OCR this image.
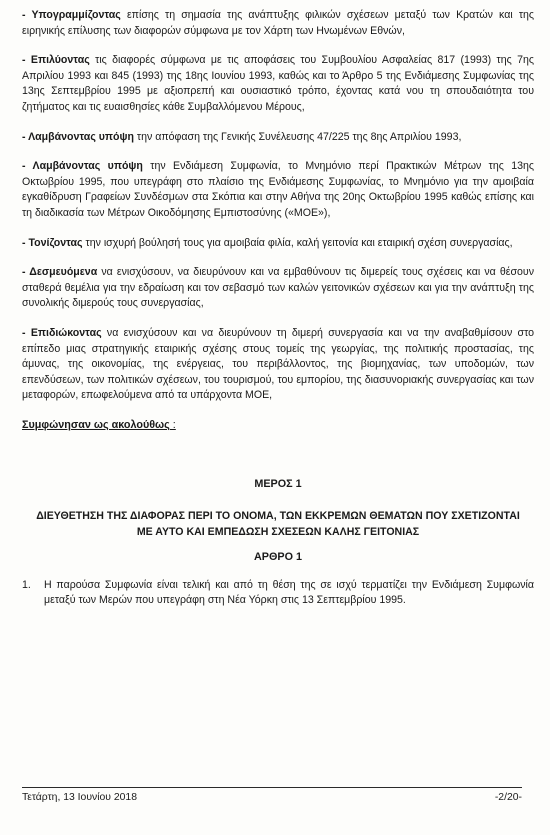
- Υπογραμμίζοντας επίσης τη σημασία της ανάπτυξης φιλικών σχέσεων μεταξύ των Κρατών και της ειρηνικής επίλυσης των διαφορών σύμφωνα με τον Χάρτη των Ηνωμένων Εθνών,

- Επιλύοντας τις διαφορές σύμφωνα με τις αποφάσεις του Συμβουλίου Ασφαλείας 817 (1993) της 7ης Απριλίου 1993 και 845 (1993) της 18ης Ιουνίου 1993, καθώς και το Άρθρο 5 της Ενδιάμεσης Συμφωνίας της 13ης Σεπτεμβρίου 1995 με αξιοπρεπή και ουσιαστικό τρόπο, έχοντας κατά νου τη σπουδαιότητα του ζητήματος και τις ευαισθησίες κάθε Συμβαλλόμενου Μέρους,

- Λαμβάνοντας υπόψη την απόφαση της Γενικής Συνέλευσης 47/225 της 8ης Απριλίου 1993,

- Λαμβάνοντας υπόψη την Ενδιάμεση Συμφωνία, το Μνημόνιο περί Πρακτικών Μέτρων της 13ης Οκτωβρίου 1995, που υπεγράφη στο πλαίσιο της Ενδιάμεσης Συμφωνίας, το Μνημόνιο για την αμοιβαία εγκαθίδρυση Γραφείων Συνδέσμων στα Σκόπια και στην Αθήνα της 20ης Οκτωβρίου 1995 καθώς επίσης και τη διαδικασία των Μέτρων Οικοδόμησης Εμπιστοσύνης («ΜΟΕ»),

- Τονίζοντας την ισχυρή βούλησή τους για αμοιβαία φιλία, καλή γειτονία και εταιρική σχέση συνεργασίας,

- Δεσμευόμενα να ενισχύσουν, να διευρύνουν και να εμβαθύνουν τις διμερείς τους σχέσεις και να θέσουν σταθερά θεμέλια για την εδραίωση και τον σεβασμό των καλών γειτονικών σχέσεων και για την ανάπτυξη της συνολικής διμερούς τους συνεργασίας,

- Επιδιώκοντας να ενισχύσουν και να διευρύνουν τη διμερή συνεργασία και να την αναβαθμίσουν στο επίπεδο μιας στρατηγικής εταιρικής σχέσης στους τομείς της γεωργίας, της πολιτικής προστασίας, της άμυνας, της οικονομίας, της ενέργειας, του περιβάλλοντος, της βιομηχανίας, των υποδομών, των επενδύσεων, των πολιτικών σχέσεων, του τουρισμού, του εμπορίου, της διασυνοριακής συνεργασίας και των μεταφορών, επωφελούμενα από τα υπάρχοντα ΜΟΕ,

Συμφώνησαν ως ακολούθως :

ΜΕΡΟΣ 1
ΔΙΕΥΘΕΤΗΣΗ ΤΗΣ ΔΙΑΦΟΡΑΣ ΠΕΡΙ ΤΟ ΟΝΟΜΑ, ΤΩΝ ΕΚΚΡΕΜΩΝ ΘΕΜΑΤΩΝ ΠΟΥ ΣΧΕΤΙΖΟΝΤΑΙ ΜΕ ΑΥΤΟ ΚΑΙ ΕΜΠΕΔΩΣΗ ΣΧΕΣΕΩΝ ΚΑΛΗΣ ΓΕΙΤΟΝΙΑΣ
ΑΡΘΡΟ 1
1.	Η παρούσα Συμφωνία είναι τελική και από τη θέση της σε ισχύ τερματίζει την Ενδιάμεση Συμφωνία μεταξύ των Μερών που υπεγράφη στη Νέα Υόρκη στις 13 Σεπτεμβρίου 1995.
Τετάρτη, 13 Ιουνίου 2018	-2/20-
